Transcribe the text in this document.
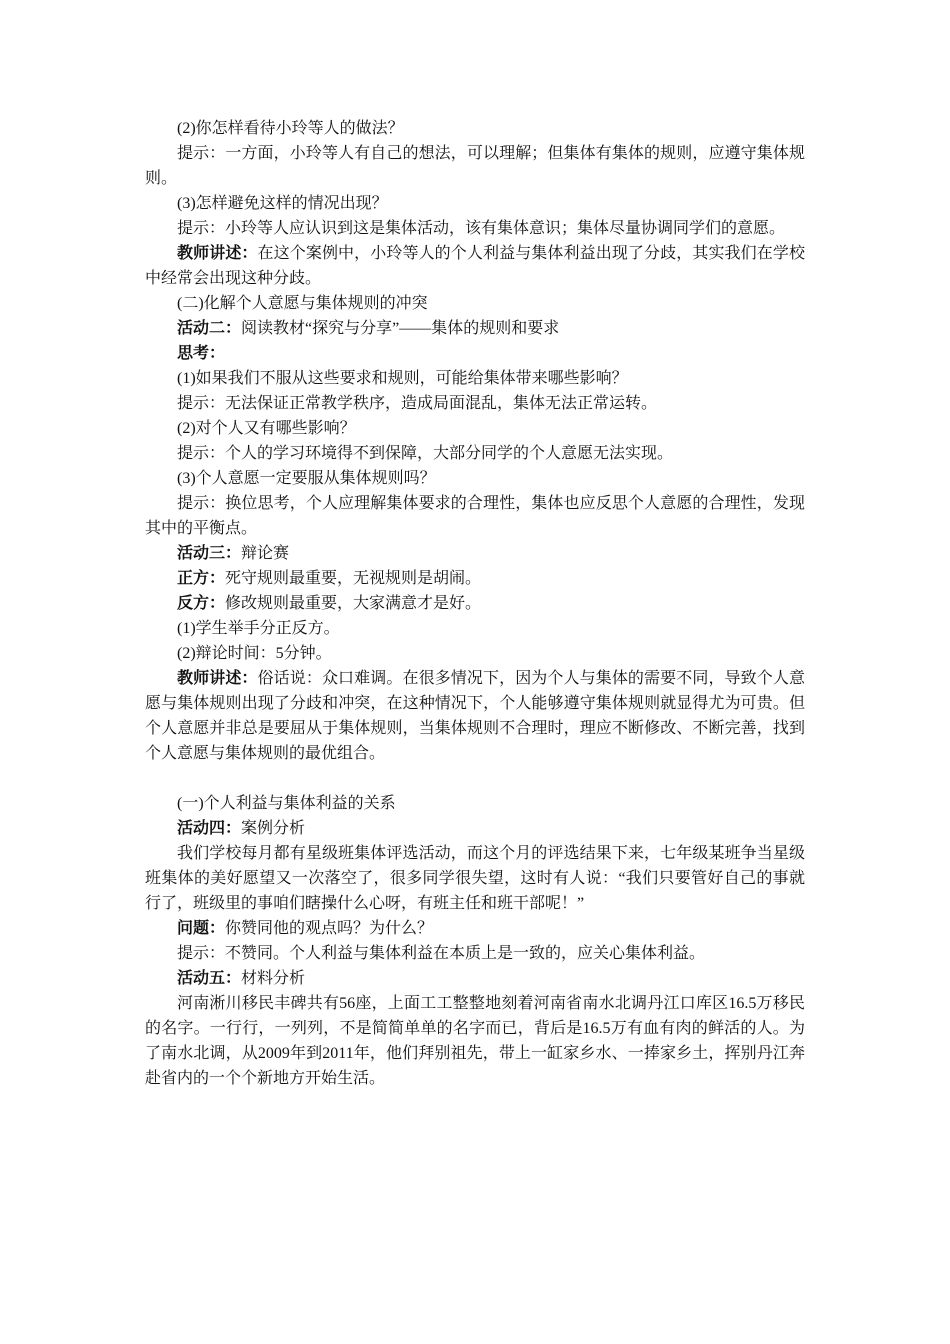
(2)你怎样看待小玲等人的做法？

提示：一方面，小玲等人有自己的想法，可以理解；但集体有集体的规则，应遵守集体规则。

(3)怎样避免这样的情况出现？

提示：小玲等人应认识到这是集体活动，该有集体意识；集体尽量协调同学们的意愿。

教师讲述：在这个案例中，小玲等人的个人利益与集体利益出现了分歧，其实我们在学校中经常会出现这种分歧。

(二)化解个人意愿与集体规则的冲突

活动二：阅读教材“探究与分享”——集体的规则和要求

思考：

(1)如果我们不服从这些要求和规则，可能给集体带来哪些影响？

提示：无法保证正常教学秩序，造成局面混乱，集体无法正常运转。

(2)对个人又有哪些影响？

提示：个人的学习环境得不到保障，大部分同学的个人意愿无法实现。

(3)个人意愿一定要服从集体规则吗？

提示：换位思考，个人应理解集体要求的合理性，集体也应反思个人意愿的合理性，发现其中的平衡点。

活动三：辩论赛

正方：死守规则最重要，无视规则是胡闹。

反方：修改规则最重要，大家满意才是好。

(1)学生举手分正反方。

(2)辩论时间：5分钟。

教师讲述：俗话说：众口难调。在很多情况下，因为个人与集体的需要不同，导致个人意愿与集体规则出现了分歧和冲突，在这种情况下，个人能够遵守集体规则就显得尤为可贵。但个人意愿并非总是要屈从于集体规则，当集体规则不合理时，理应不断修改、不断完善，找到个人意愿与集体规则的最优组合。

(一)个人利益与集体利益的关系

活动四：案例分析

我们学校每月都有星级班集体评选活动，而这个月的评选结果下来，七年级某班争当星级班集体的美好愿望又一次落空了，很多同学很失望，这时有人说：“我们只要管好自己的事就行了，班级里的事咱们瞎操什么心呀，有班主任和班干部呢！”

问题：你赞同他的观点吗？为什么？

提示：不赞同。个人利益与集体利益在本质上是一致的，应关心集体利益。

活动五：材料分析

河南淅川移民丰碑共有56座，上面工工整整地刻着河南省南水北调丹江口库区16.5万移民的名字。一行行，一列列，不是简简单单的名字而已，背后是16.5万有血有肉的鲜活的人。为了南水北调，从2009年到2011年，他们拜别祖先，带上一缸家乡水、一捧家乡土，挥别丹江奔赴省内的一个个新地方开始生活。
